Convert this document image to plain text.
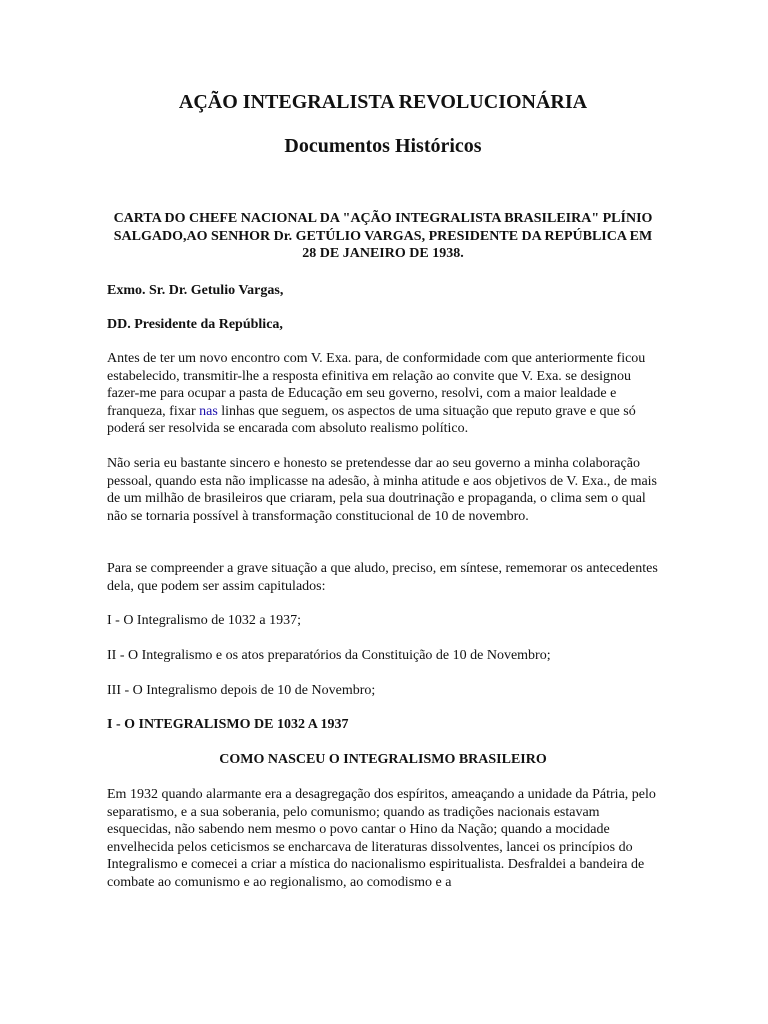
AÇÃO INTEGRALISTA REVOLUCIONÁRIA
Documentos Históricos

CARTA DO CHEFE NACIONAL DA "AÇÃO INTEGRALISTA BRASILEIRA" PLÍNIO SALGADO,AO SENHOR Dr. GETÚLIO VARGAS, PRESIDENTE DA REPÚBLICA EM 28 DE JANEIRO DE 1938.

Exmo. Sr. Dr. Getulio Vargas,

DD. Presidente da República,

Antes de ter um novo encontro com V. Exa. para, de conformidade com que anteriormente ficou estabelecido, transmitir-lhe a resposta efinitiva em relação ao convite que V. Exa. se designou fazer-me para ocupar a pasta de Educação em seu governo, resolvi, com a maior lealdade e franqueza, fixar nas linhas que seguem, os aspectos de uma situação que reputo grave e que só poderá ser resolvida se encarada com absoluto realismo político.

Não seria eu bastante sincero e honesto se pretendesse dar ao seu governo a minha colaboração pessoal, quando esta não implicasse na adesão, à minha atitude e aos objetivos de V. Exa., de mais de um milhão de brasileiros que criaram, pela sua doutrinação e propaganda, o clima sem o qual não se tornaria possível à transformação constitucional de 10 de novembro.

Para se compreender a grave situação a que aludo, preciso, em síntese, rememorar os antecedentes dela, que podem ser assim capitulados:

I - O Integralismo de 1032 a 1937;

II - O Integralismo e os atos preparatórios da Constituição de 10 de Novembro;

III - O Integralismo depois de 10 de Novembro;

I - O INTEGRALISMO DE 1032 A 1937

COMO NASCEU O INTEGRALISMO BRASILEIRO

Em 1932 quando alarmante era a desagregação dos espíritos, ameaçando a unidade da Pátria, pelo separatismo, e a sua soberania, pelo comunismo; quando as tradições nacionais estavam esquecidas, não sabendo nem mesmo o povo cantar o Hino da Nação; quando a mocidade envelhecida pelos ceticismos se encharcava de literaturas dissolventes, lancei os princípios do Integralismo e comecei a criar a mística do nacionalismo espiritualista. Desfraldei a bandeira de combate ao comunismo e ao regionalismo, ao comodismo e a
